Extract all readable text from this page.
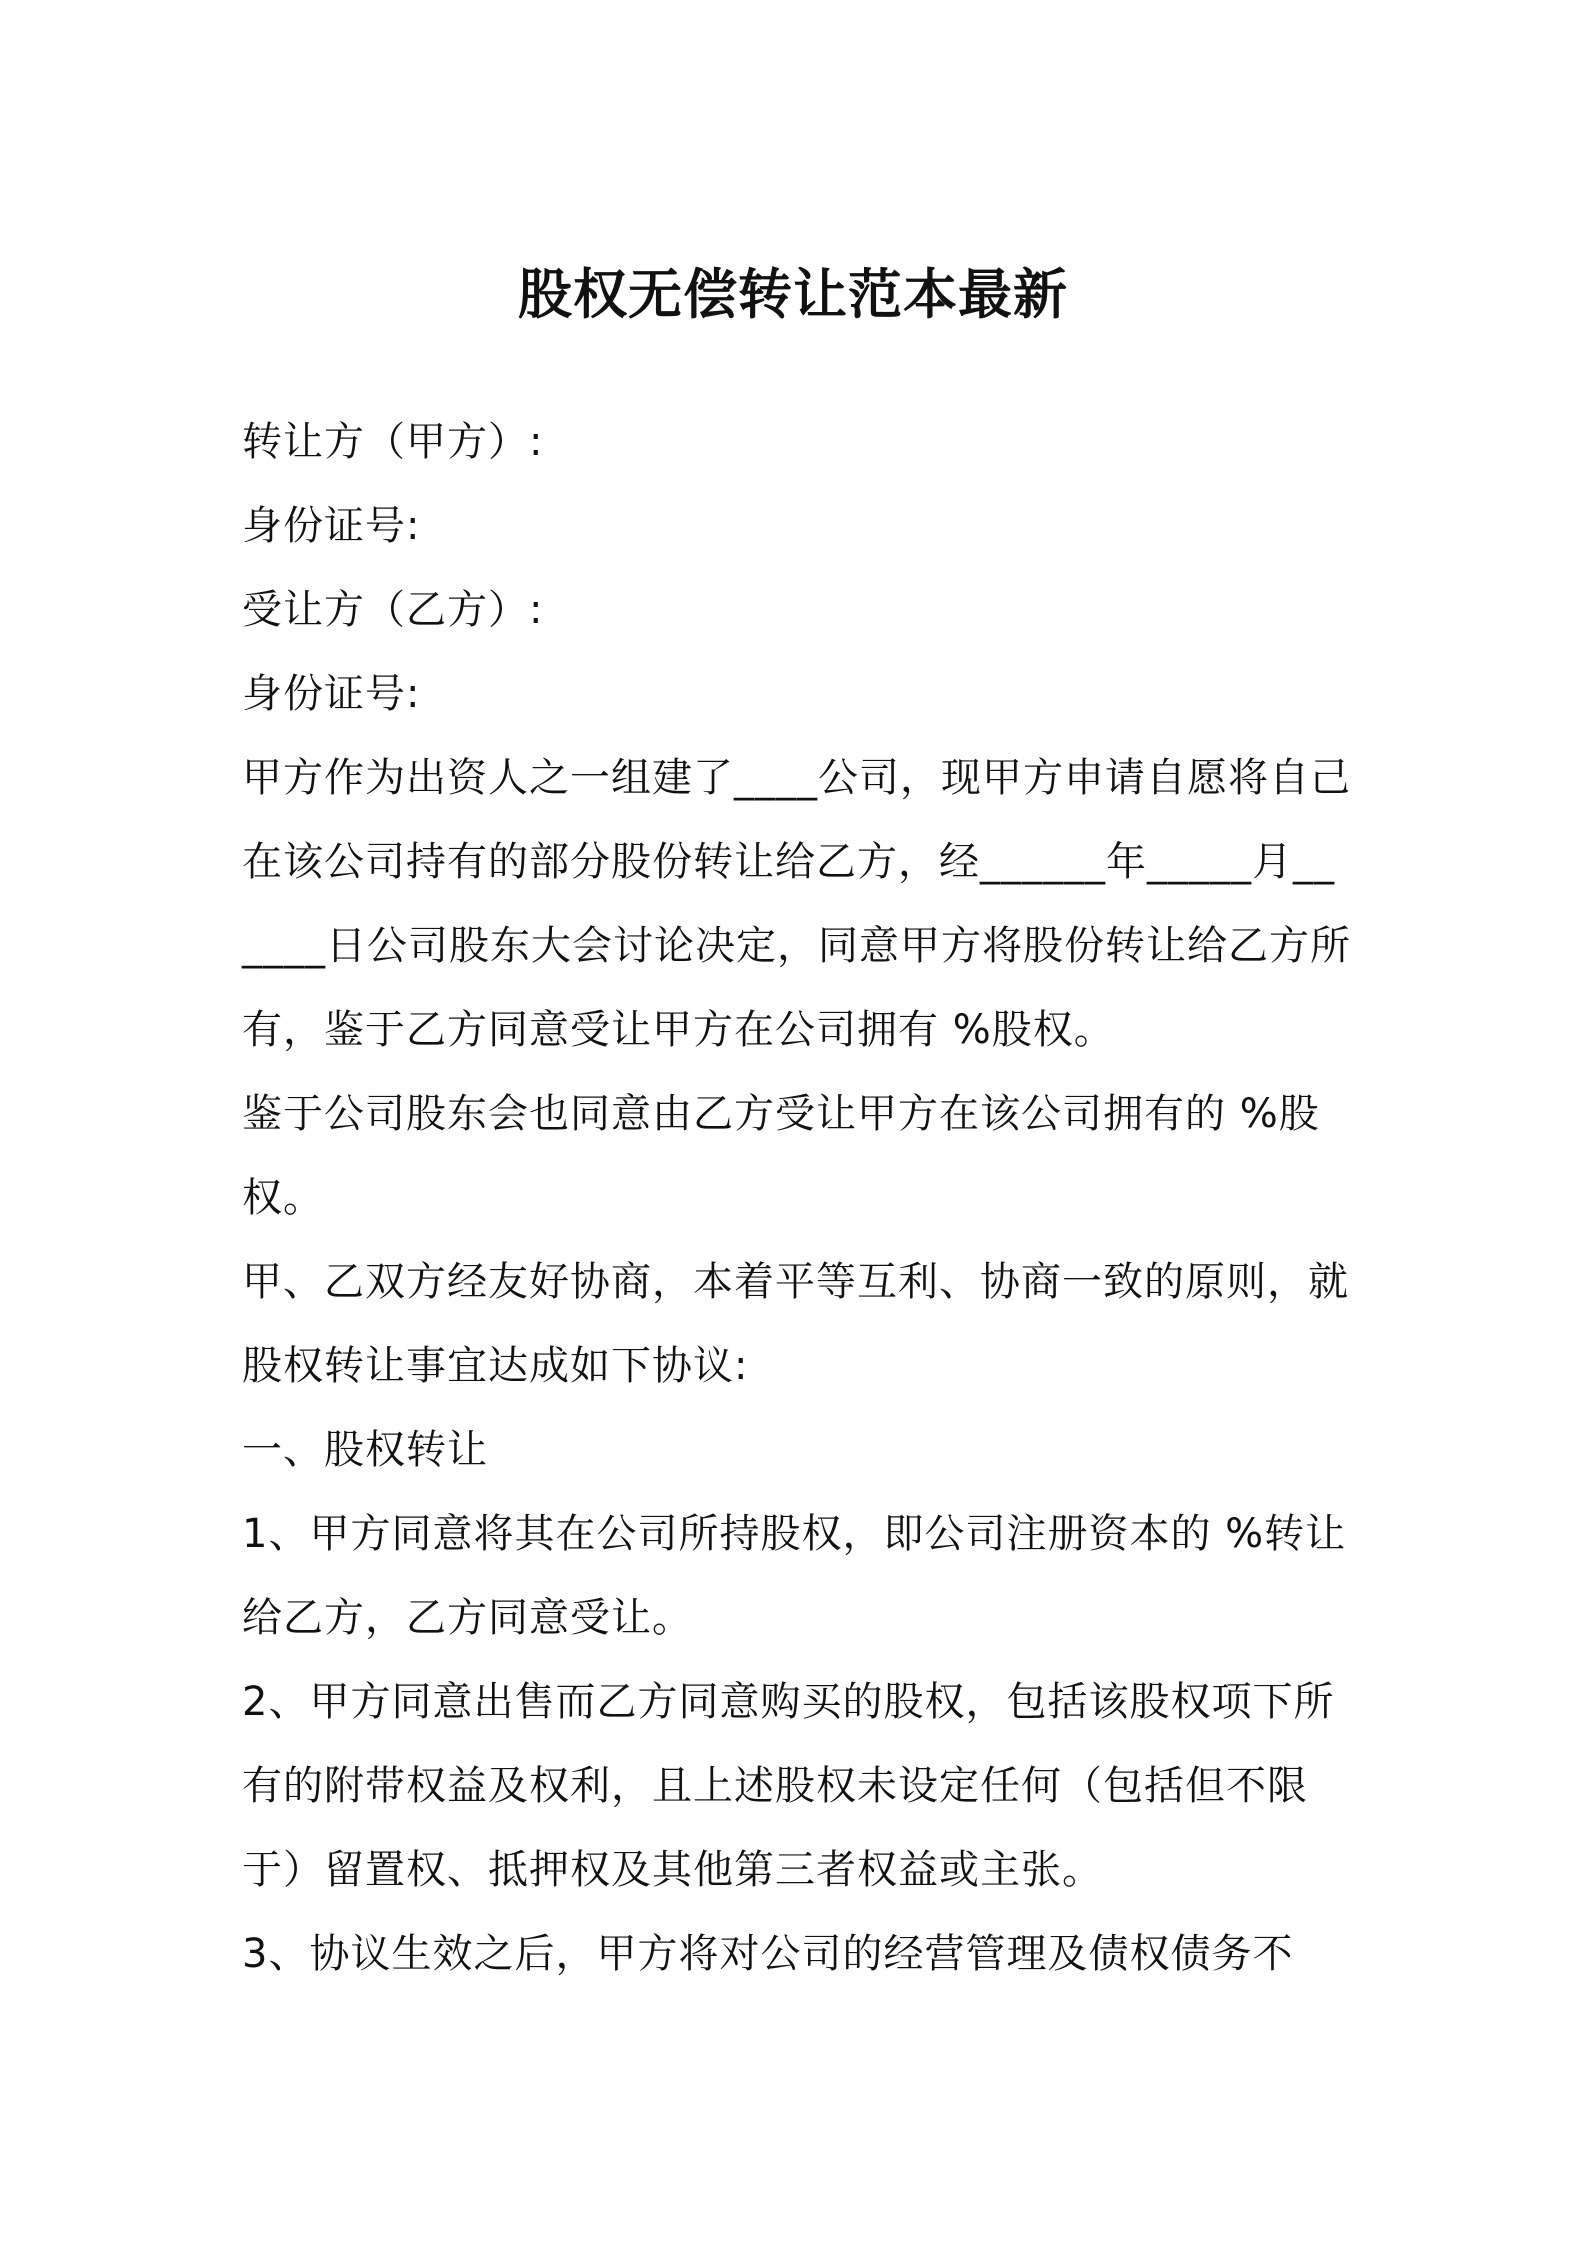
股权无偿转让范本最新

转让方（甲方）:

身份证号:

受让方（乙方）:

身份证号:

甲方作为出资人之一组建了____公司，现甲方申请自愿将自己在该公司持有的部分股份转让给乙方，经______年_____月______日公司股东大会讨论决定，同意甲方将股份转让给乙方所有，鉴于乙方同意受让甲方在公司拥有 %股权。

鉴于公司股东会也同意由乙方受让甲方在该公司拥有的 %股权。

甲、乙双方经友好协商，本着平等互利、协商一致的原则，就股权转让事宜达成如下协议:

一、股权转让

1、甲方同意将其在公司所持股权，即公司注册资本的 %转让给乙方，乙方同意受让。

2、甲方同意出售而乙方同意购买的股权，包括该股权项下所有的附带权益及权利，且上述股权未设定任何（包括但不限于）留置权、抵押权及其他第三者权益或主张。

3、协议生效之后，甲方将对公司的经营管理及债权债务不
